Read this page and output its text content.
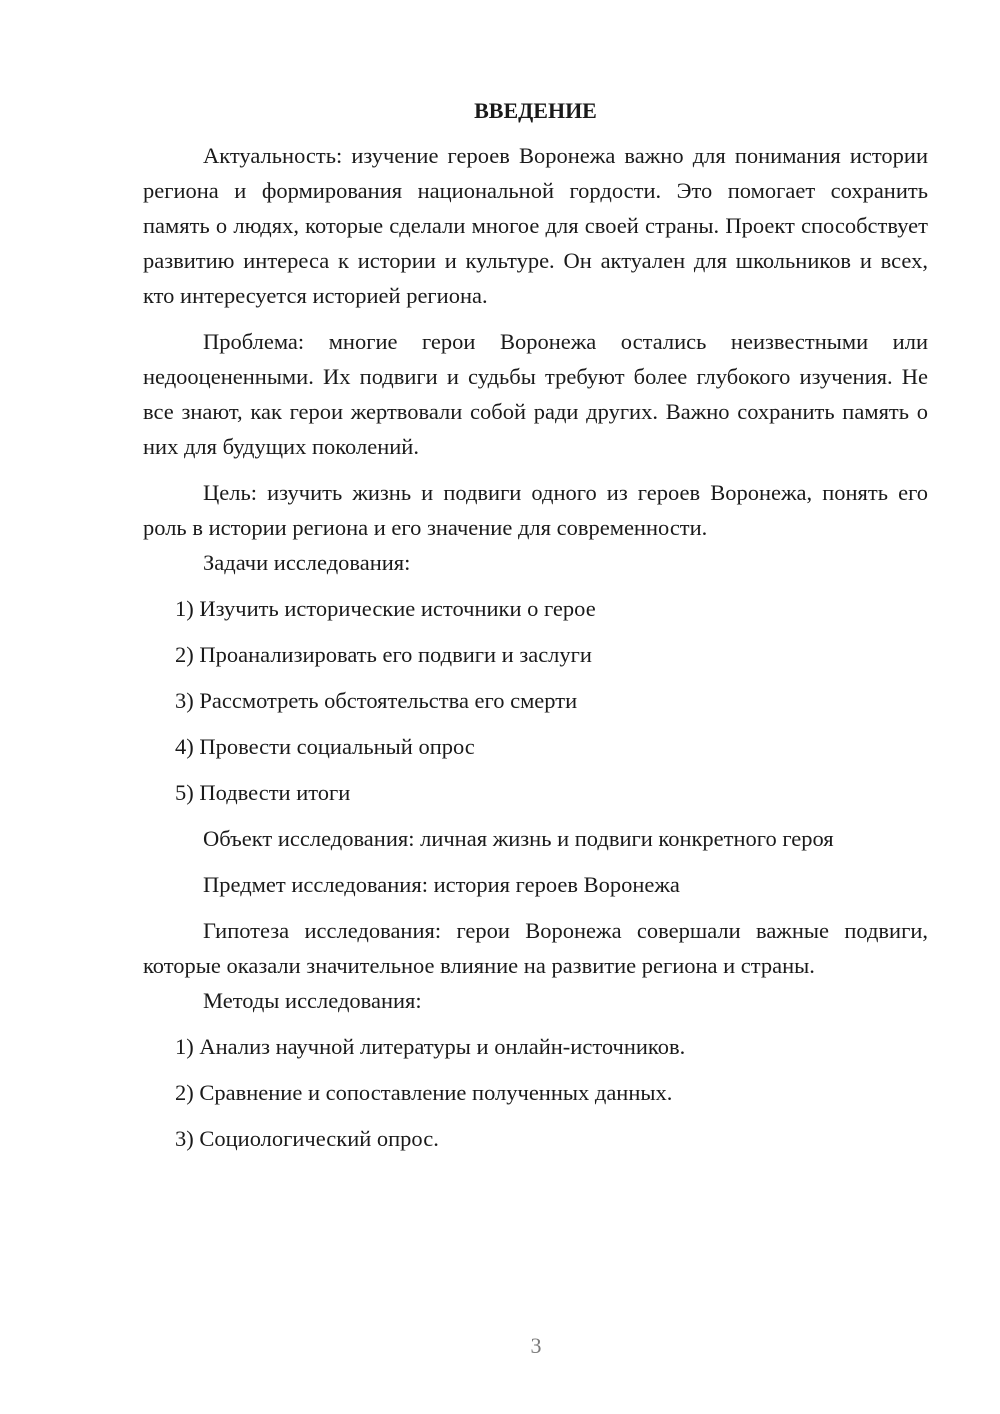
ВВЕДЕНИЕ

Актуальность: изучение героев Воронежа важно для понимания истории региона и формирования национальной гордости. Это помогает сохранить память о людях, которые сделали многое для своей страны. Проект способствует развитию интереса к истории и культуре. Он актуален для школьников и всех, кто интересуется историей региона.

Проблема: многие герои Воронежа остались неизвестными или недооцененными. Их подвиги и судьбы требуют более глубокого изучения. Не все знают, как герои жертвовали собой ради других. Важно сохранить память о них для будущих поколений.

Цель: изучить жизнь и подвиги одного из героев Воронежа, понять его роль в истории региона и его значение для современности.

Задачи исследования:

1) Изучить исторические источники о герое

2) Проанализировать его подвиги и заслуги

3) Рассмотреть обстоятельства его смерти

4) Провести социальный опрос

5) Подвести итоги

Объект исследования: личная жизнь и подвиги конкретного героя

Предмет исследования: история героев Воронежа

Гипотеза исследования: герои Воронежа совершали важные подвиги, которые оказали значительное влияние на развитие региона и страны.

Методы исследования:

1) Анализ научной литературы и онлайн-источников.

2) Сравнение и сопоставление полученных данных.

3) Социологический опрос.

3
